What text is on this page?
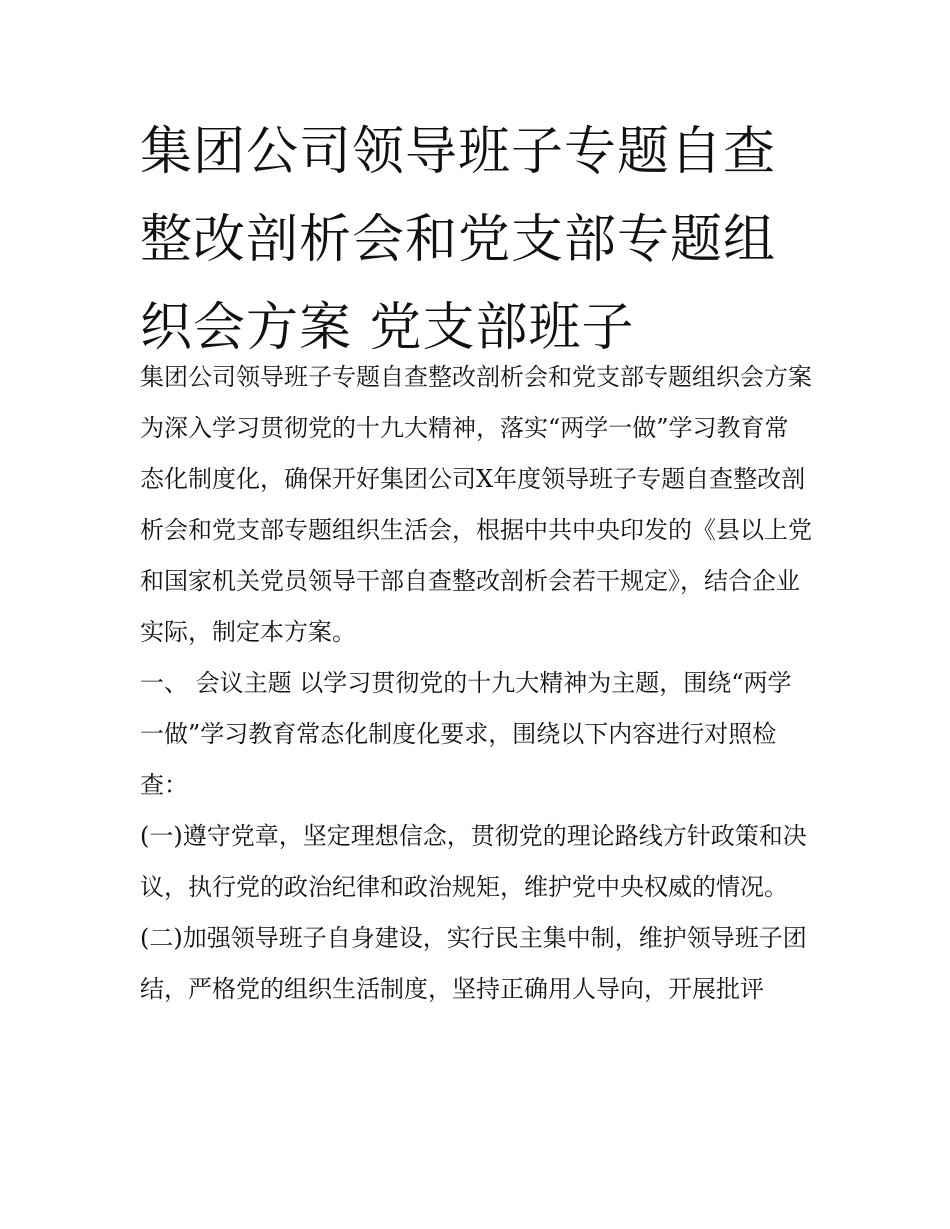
集团公司领导班子专题自查整改剖析会和党支部专题组织会方案 党支部班子

集团公司领导班子专题自查整改剖析会和党支部专题组织会方案

为深入学习贯彻党的十九大精神，落实“两学一做”学习教育常态化制度化，确保开好集团公司X年度领导班子专题自查整改剖析会和党支部专题组织生活会，根据中共中央印发的《县以上党和国家机关党员领导干部自查整改剖析会若干规定》，结合企业实际，制定本方案。

一、 会议主题 以学习贯彻党的十九大精神为主题，围绕“两学一做”学习教育常态化制度化要求，围绕以下内容进行对照检查：

(一)遵守党章，坚定理想信念，贯彻党的理论路线方针政策和决议，执行党的政治纪律和政治规矩，维护党中央权威的情况。

(二)加强领导班子自身建设，实行民主集中制，维护领导班子团结，严格党的组织生活制度，坚持正确用人导向，开展批评
